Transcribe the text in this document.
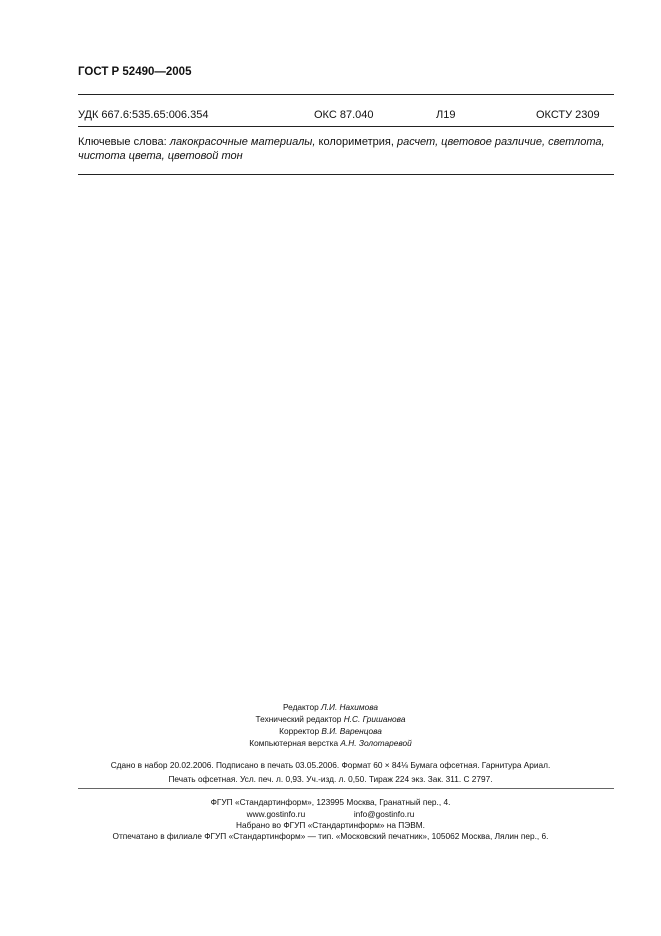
ГОСТ Р 52490—2005
УДК 667.6:535.65:006.354	ОКС 87.040	Л19	ОКСТУ 2309
Ключевые слова: лакокрасочные материалы, колориметрия, расчет, цветовое различие, светлота,
чистота цвета, цветовой тон
Редактор Л.И. Нахимова
Технический редактор Н.С. Гришанова
Корректор В.И. Варенцова
Компьютерная верстка А.Н. Золотаревой
Сдано в набор 20.02.2006. Подписано в печать 03.05.2006. Формат 60 × 84⅛ Бумага офсетная. Гарнитура Ариал.
Печать офсетная. Усл. печ. л. 0,93. Уч.-изд. л. 0,50. Тираж 224 экз. Зак. 311. С 2797.
ФГУП «Стандартинформ», 123995 Москва, Гранатный пер., 4.
www.gostinfo.ru	info@gostinfo.ru
Набрано во ФГУП «Стандартинформ» на ПЭВМ.
Отпечатано в филиале ФГУП «Стандартинформ» — тип. «Московский печатник», 105062 Москва, Лялин пер., 6.
